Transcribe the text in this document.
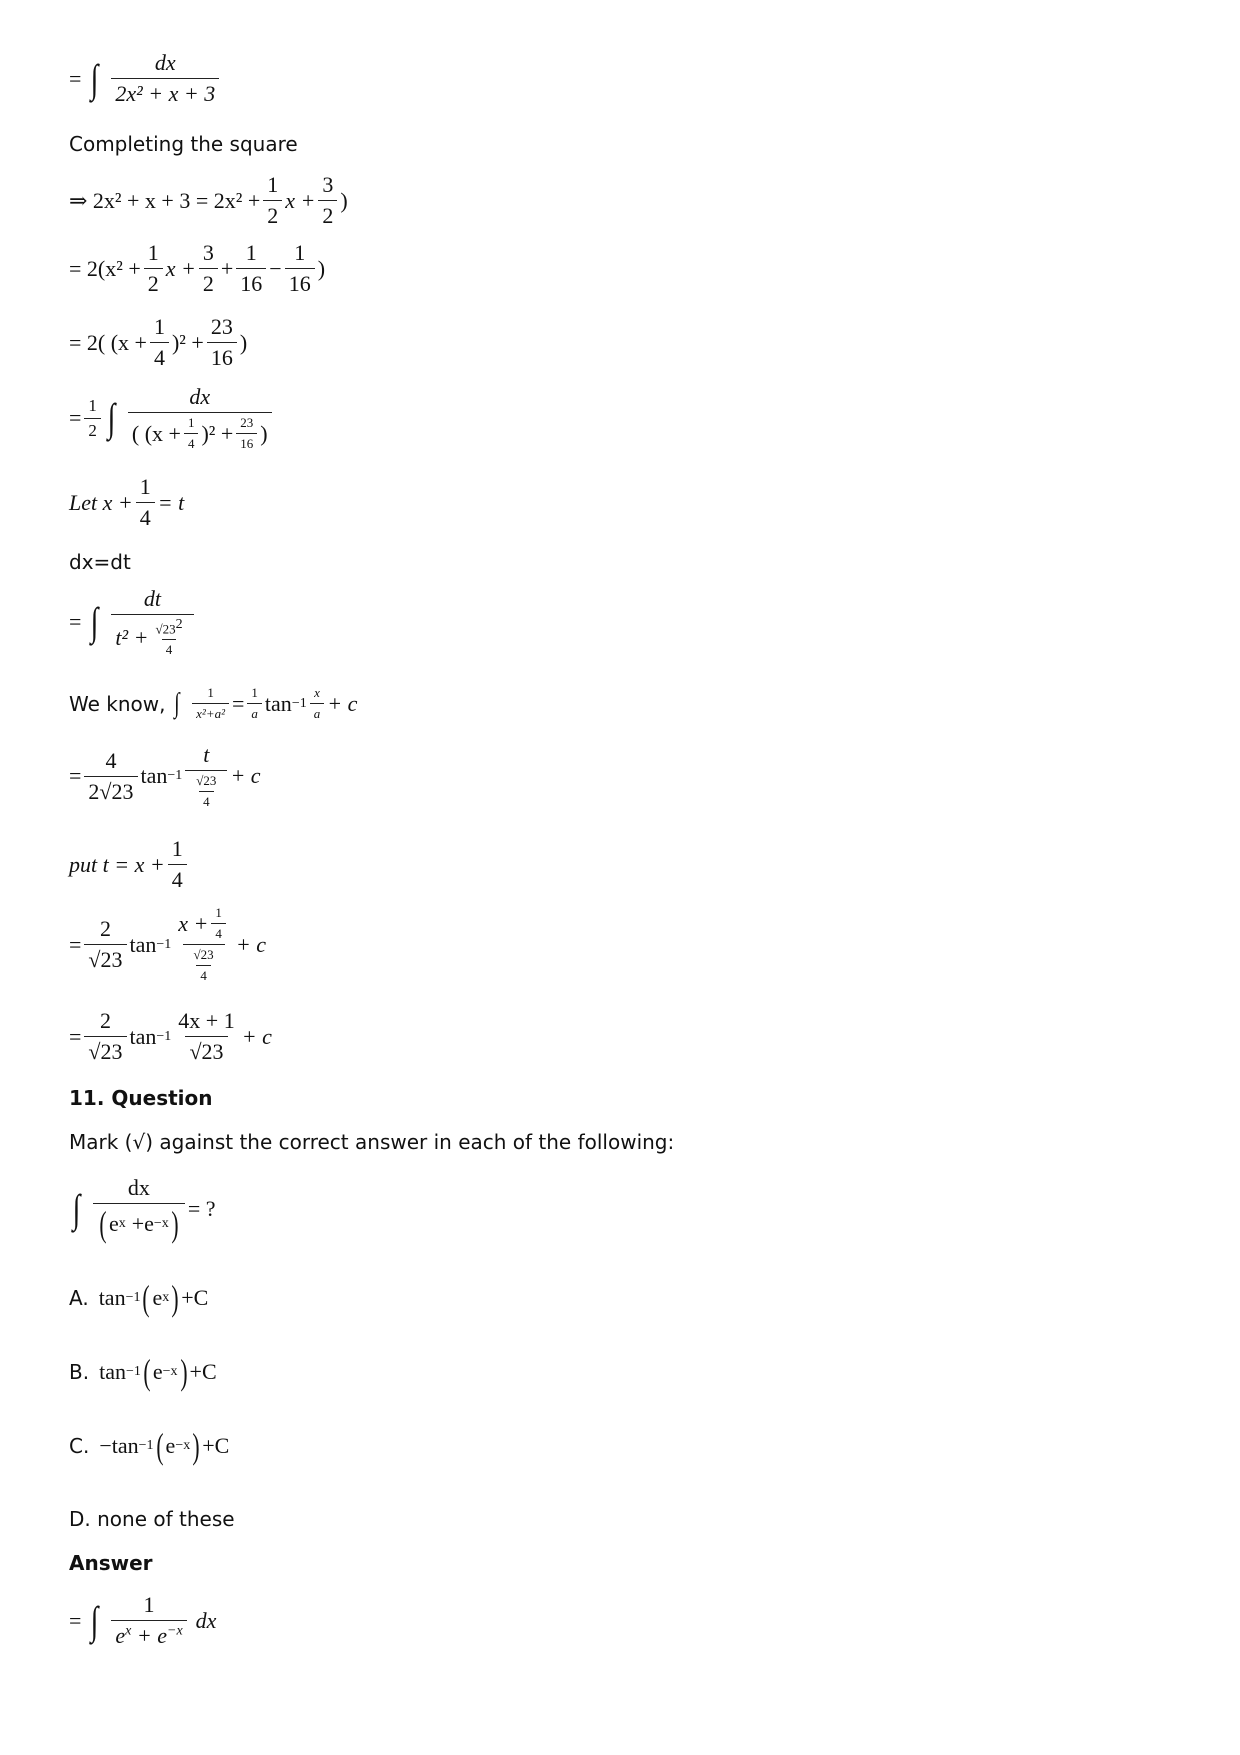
= ∫ $\frac{dx}{\text{2x² + x + 3}}$
Completing the square
⇒ $2x^2 + x + 3 = 2x^2 + \frac{1}{2}$ $x + \frac{3}{2}$ )
= $2(x^2 + \frac{1}{2}$ $x + \frac{3}{2} + \frac{1}{16} - \frac{1}{16}$ )
= 2( $(x + \frac{1}{4} )^2 + \frac{23}{16}$ )
= $\frac{1}{2}$ ∫ $\frac{dx}{( (x + \frac{1}{4} )^2 + \frac{23}{16} )}$
Let $x + \frac{1}{4} = t$
dx=dt
= ∫ $\frac{dt}{t^2 + \frac{√23^2}{4}}$
We know, ∫ $\frac{1}{\text{x²+a²}} = \frac{1}{a}$ $\tan -1 \frac{x}{a} + c$
= $\frac{4}{2√23}$ $\tan -1 \frac{t}{\frac{√23}{4}} + c$
put $t = x + \frac{1}{4}$
= $\frac{2}{√23}$ $\tan -1 \frac{x + \frac{1}{4}}{\frac{√23}{4}} + c$
= $\frac{2}{√23}$ $\tan -1 \frac{4x + 1}{√23} + c$
11. Question
Mark (√) against the correct answer in each of the following:
∫ $\frac{dx}{\text{( e x +e −x )}}$ = ?
A. tan −1 ( e x ) +C
B. tan −1 ( e −x ) +C
C. − tan −1 ( e −x ) +C
D. none of these
Answer
= ∫ $\frac{1}{e^x + e^{-x}}$ dx
